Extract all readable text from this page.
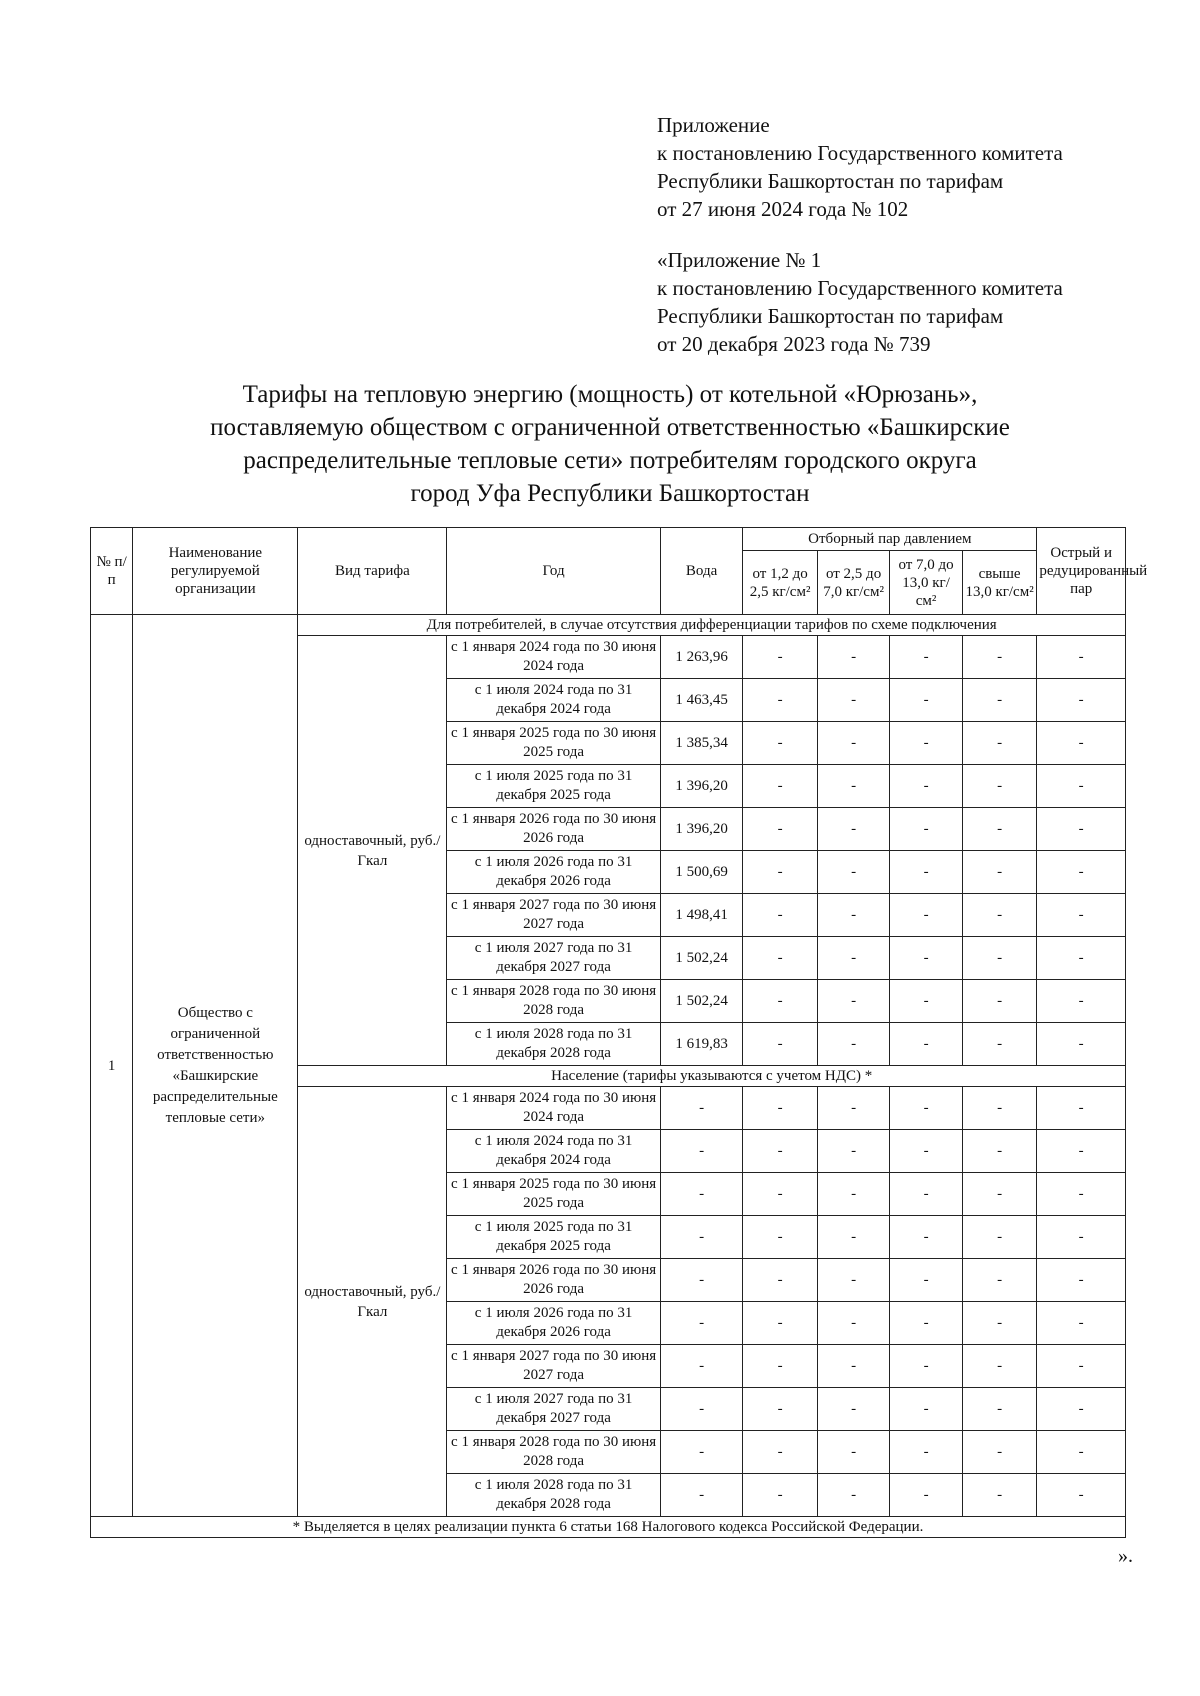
Приложение
к постановлению Государственного комитета
Республики Башкортостан по тарифам
от 27 июня 2024 года № 102
«Приложение № 1
к постановлению Государственного комитета
Республики Башкортостан по тарифам
от 20 декабря 2023 года № 739
Тарифы на тепловую энергию (мощность) от котельной «Юрюзань»,
поставляемую обществом с ограниченной ответственностью «Башкирские
распределительные тепловые сети» потребителям городского округа
город Уфа Республики Башкортостан
№ п/п	Наименование регулируемой организации	Вид тарифа	Год	Вода	Отборный пар давлением				Острый и редуцированный пар
					от 1,2 до 2,5 кг/см²	от 2,5 до 7,0 кг/см²	от 7,0 до 13,0 кг/см²	свыше 13,0 кг/см²	
1	Общество с ограниченной ответственностью «Башкирские распределительные тепловые сети»	Для потребителей, в случае отсутствия дифференциации тарифов по схеме подключения							
		одноставочный, руб./Гкал	с 1 января 2024 года по 30 июня 2024 года	1 263,96	-	-	-	-	-
			с 1 июля 2024 года по 31 декабря 2024 года	1 463,45	-	-	-	-	-
			с 1 января 2025 года по 30 июня 2025 года	1 385,34	-	-	-	-	-
			с 1 июля 2025 года по 31 декабря 2025 года	1 396,20	-	-	-	-	-
			с 1 января 2026 года по 30 июня 2026 года	1 396,20	-	-	-	-	-
			с 1 июля 2026 года по 31 декабря 2026 года	1 500,69	-	-	-	-	-
			с 1 января 2027 года по 30 июня 2027 года	1 498,41	-	-	-	-	-
			с 1 июля 2027 года по 31 декабря 2027 года	1 502,24	-	-	-	-	-
			с 1 января 2028 года по 30 июня 2028 года	1 502,24	-	-	-	-	-
			с 1 июля 2028 года по 31 декабря 2028 года	1 619,83	-	-	-	-	-
		Население (тарифы указываются с учетом НДС) *							
		одноставочный, руб./Гкал	с 1 января 2024 года по 30 июня 2024 года	-	-	-	-	-	-
			с 1 июля 2024 года по 31 декабря 2024 года	-	-	-	-	-	-
			с 1 января 2025 года по 30 июня 2025 года	-	-	-	-	-	-
			с 1 июля 2025 года по 31 декабря 2025 года	-	-	-	-	-	-
			с 1 января 2026 года по 30 июня 2026 года	-	-	-	-	-	-
			с 1 июля 2026 года по 31 декабря 2026 года	-	-	-	-	-	-
			с 1 января 2027 года по 30 июня 2027 года	-	-	-	-	-	-
			с 1 июля 2027 года по 31 декабря 2027 года	-	-	-	-	-	-
			с 1 января 2028 года по 30 июня 2028 года	-	-	-	-	-	-
			с 1 июля 2028 года по 31 декабря 2028 года	-	-	-	-	-	-
* Выделяется в целях реализации пункта 6 статьи 168 Налогового кодекса Российской Федерации.									
».
